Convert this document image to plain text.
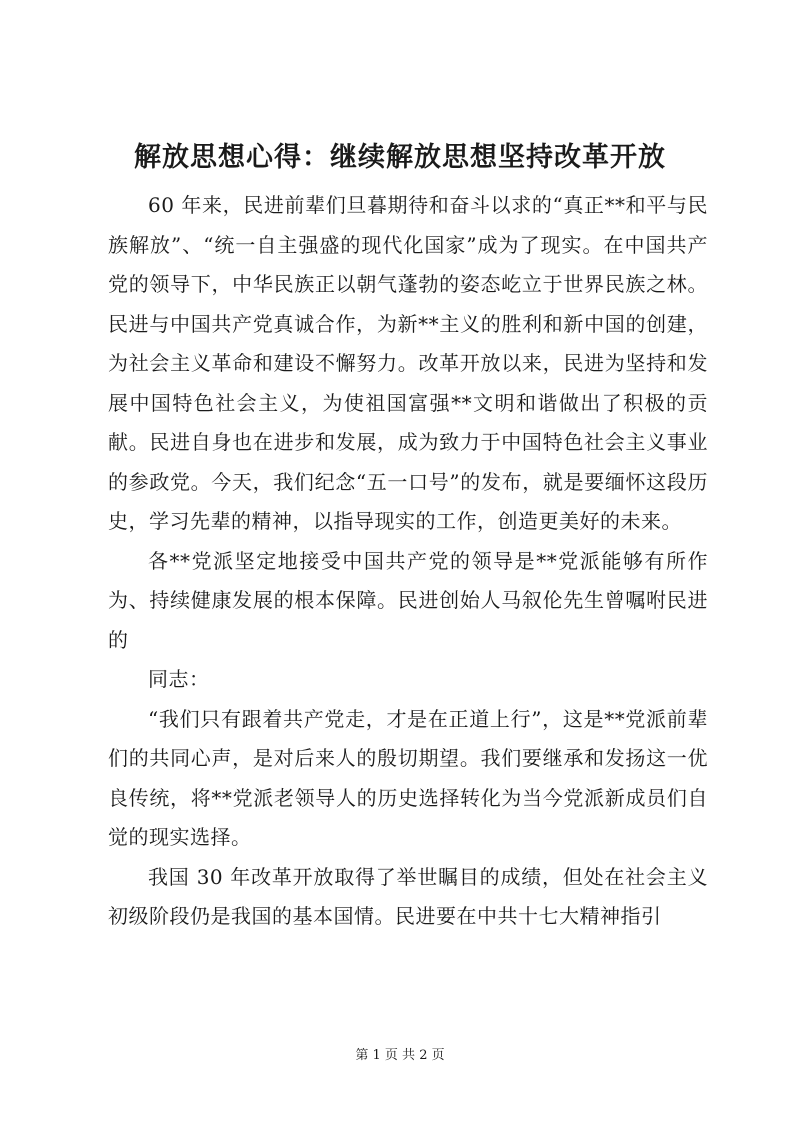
解放思想心得：继续解放思想坚持改革开放

60 年来，民进前辈们旦暮期待和奋斗以求的“真正**和平与民族解放”、“统一自主强盛的现代化国家”成为了现实。在中国共产党的领导下，中华民族正以朝气蓬勃的姿态屹立于世界民族之林。民进与中国共产党真诚合作，为新**主义的胜利和新中国的创建，为社会主义革命和建设不懈努力。改革开放以来，民进为坚持和发展中国特色社会主义，为使祖国富强**文明和谐做出了积极的贡献。民进自身也在进步和发展，成为致力于中国特色社会主义事业的参政党。今天，我们纪念“五一口号”的发布，就是要缅怀这段历史，学习先辈的精神，以指导现实的工作，创造更美好的未来。

各**党派坚定地接受中国共产党的领导是**党派能够有所作为、持续健康发展的根本保障。民进创始人马叙伦先生曾嘱咐民进的

同志：

“我们只有跟着共产党走，才是在正道上行”，这是**党派前辈们的共同心声，是对后来人的殷切期望。我们要继承和发扬这一优良传统，将**党派老领导人的历史选择转化为当今党派新成员们自觉的现实选择。

我国 30 年改革开放取得了举世瞩目的成绩，但处在社会主义初级阶段仍是我国的基本国情。民进要在中共十七大精神指引

第 1 页 共 2 页
